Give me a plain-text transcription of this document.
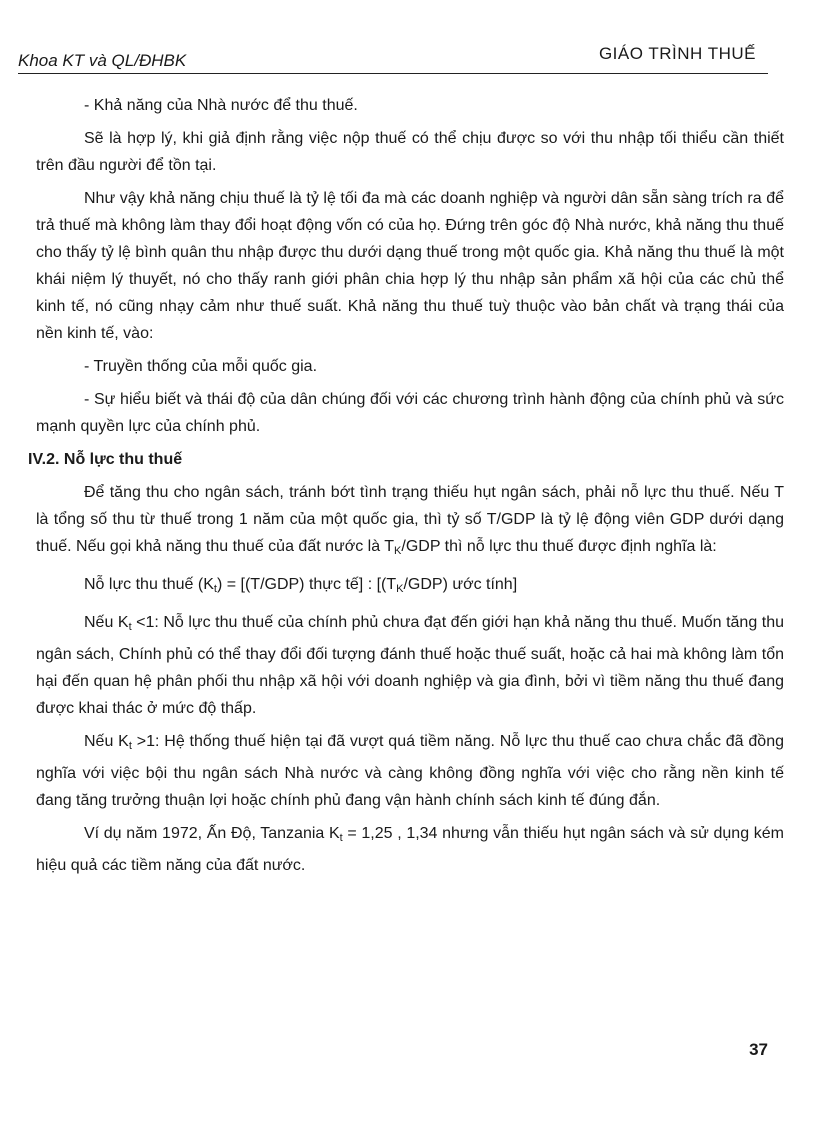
Khoa KT và QL/ĐHBK	GIÁO TRÌNH THUẾ

- Khả năng của Nhà nước để thu thuế.

Sẽ là hợp lý, khi giả định rằng việc nộp thuế có thể chịu được so với thu nhập tối thiểu cần thiết trên đầu người để tồn tại.

Như vậy khả năng chịu thuế là tỷ lệ tối đa mà các doanh nghiệp và người dân sẵn sàng trích ra để trả thuế mà không làm thay đổi hoạt động vốn có của họ. Đứng trên góc độ Nhà nước, khả năng thu thuế cho thấy tỷ lệ bình quân thu nhập được thu dưới dạng thuế trong một quốc gia. Khả năng thu thuế là một khái niệm lý thuyết, nó cho thấy ranh giới phân chia hợp lý thu nhập sản phẩm xã hội của các chủ thể kinh tế, nó cũng nhạy cảm như thuế suất. Khả năng thu thuế tuỳ thuộc vào bản chất và trạng thái của nền kinh tế, vào:

- Truyền thống của mỗi quốc gia.

- Sự hiểu biết và thái độ của dân chúng đối với các chương trình hành động của chính phủ và sức mạnh quyền lực của chính phủ.

IV.2. Nỗ lực thu thuế

Để tăng thu cho ngân sách, tránh bớt tình trạng thiếu hụt ngân sách, phải nỗ lực thu thuế. Nếu T là tổng số thu từ thuế trong 1 năm của một quốc gia, thì tỷ số T/GDP là tỷ lệ động viên GDP dưới dạng thuế. Nếu gọi khả năng thu thuế của đất nước là $T_K$/GDP thì nỗ lực thu thuế được định nghĩa là:

Nỗ lực thu thuế $(K_t) = [(T/GDP)$ thực tế] : [$(T_K/GDP)$ ước tính]

Nếu $K_t <1$: Nỗ lực thu thuế của chính phủ chưa đạt đến giới hạn khả năng thu thuế. Muốn tăng thu ngân sách, Chính phủ có thể thay đổi đối tượng đánh thuế hoặc thuế suất, hoặc cả hai mà không làm tổn hại đến quan hệ phân phối thu nhập xã hội với doanh nghiệp và gia đình, bởi vì tiềm năng thu thuế đang được khai thác ở mức độ thấp.

Nếu $K_t >1$: Hệ thống thuế hiện tại đã vượt quá tiềm năng. Nỗ lực thu thuế cao chưa chắc đã đồng nghĩa với việc bội thu ngân sách Nhà nước và càng không đồng nghĩa với việc cho rằng nền kinh tế đang tăng trưởng thuận lợi hoặc chính phủ đang vận hành chính sách kinh tế đúng đắn.

Ví dụ năm 1972, Ấn Độ, Tanzania $K_t = 1,25$ , 1,34 nhưng vẫn thiếu hụt ngân sách và sử dụng kém hiệu quả các tiềm năng của đất nước.

37
